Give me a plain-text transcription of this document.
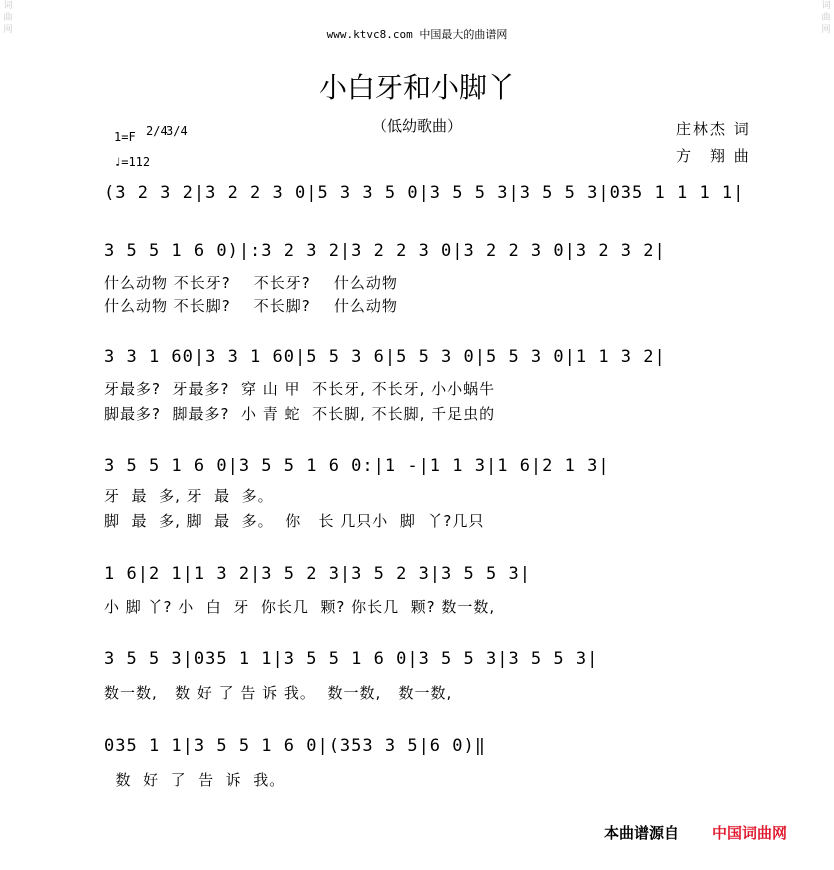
词曲网
词曲网
www.ktvc8.com 中国最大的曲谱网
小白牙和小脚丫
（低幼歌曲）	庄林杰 词
方　翔 曲
1=F 2/4
3/4
♩=112
(3 2 3 2|3 2 2 3 0|5 3 3 5 0|3 5 5 3|3 5 5 3|035 1 1 1 1|
3 5 5 1 6 0)|:3 2 3 2|3 2 2 3 0|3 2 2 3 0|3 2 3 2|
什么动物 不长牙?    不长牙?    什么动物
什么动物 不长脚?    不长脚?    什么动物
3 3 1 60|3 3 1 60|5 5 3 6|5 5 3 0|5 5 3 0|1 1 3 2|
牙最多?  牙最多?  穿 山 甲  不长牙, 不长牙, 小小蜗牛
脚最多?  脚最多?  小 青 蛇  不长脚, 不长脚, 千足虫的
3 5 5 1 6 0|3 5 5 1 6 0:|1 -|1 1 3|1 6|2 1 3|
牙  最  多, 牙  最  多。
脚  最  多, 脚  最  多。  你   长 几只小  脚  丫?几只
1 6|2 1|1 3 2|3 5 2 3|3 5 2 3|3 5 5 3|
小 脚 丫? 小  白  牙  你长几  颗? 你长几  颗? 数一数,
3 5 5 3|035 1 1|3 5 5 1 6 0|3 5 5 3|3 5 5 3|
数一数,   数 好 了 告 诉 我。  数一数,   数一数,
035 1 1|3 5 5 1 6 0|(353 3 5|6 0)‖
数  好  了  告  诉  我。
本曲谱源自 中国词曲网
